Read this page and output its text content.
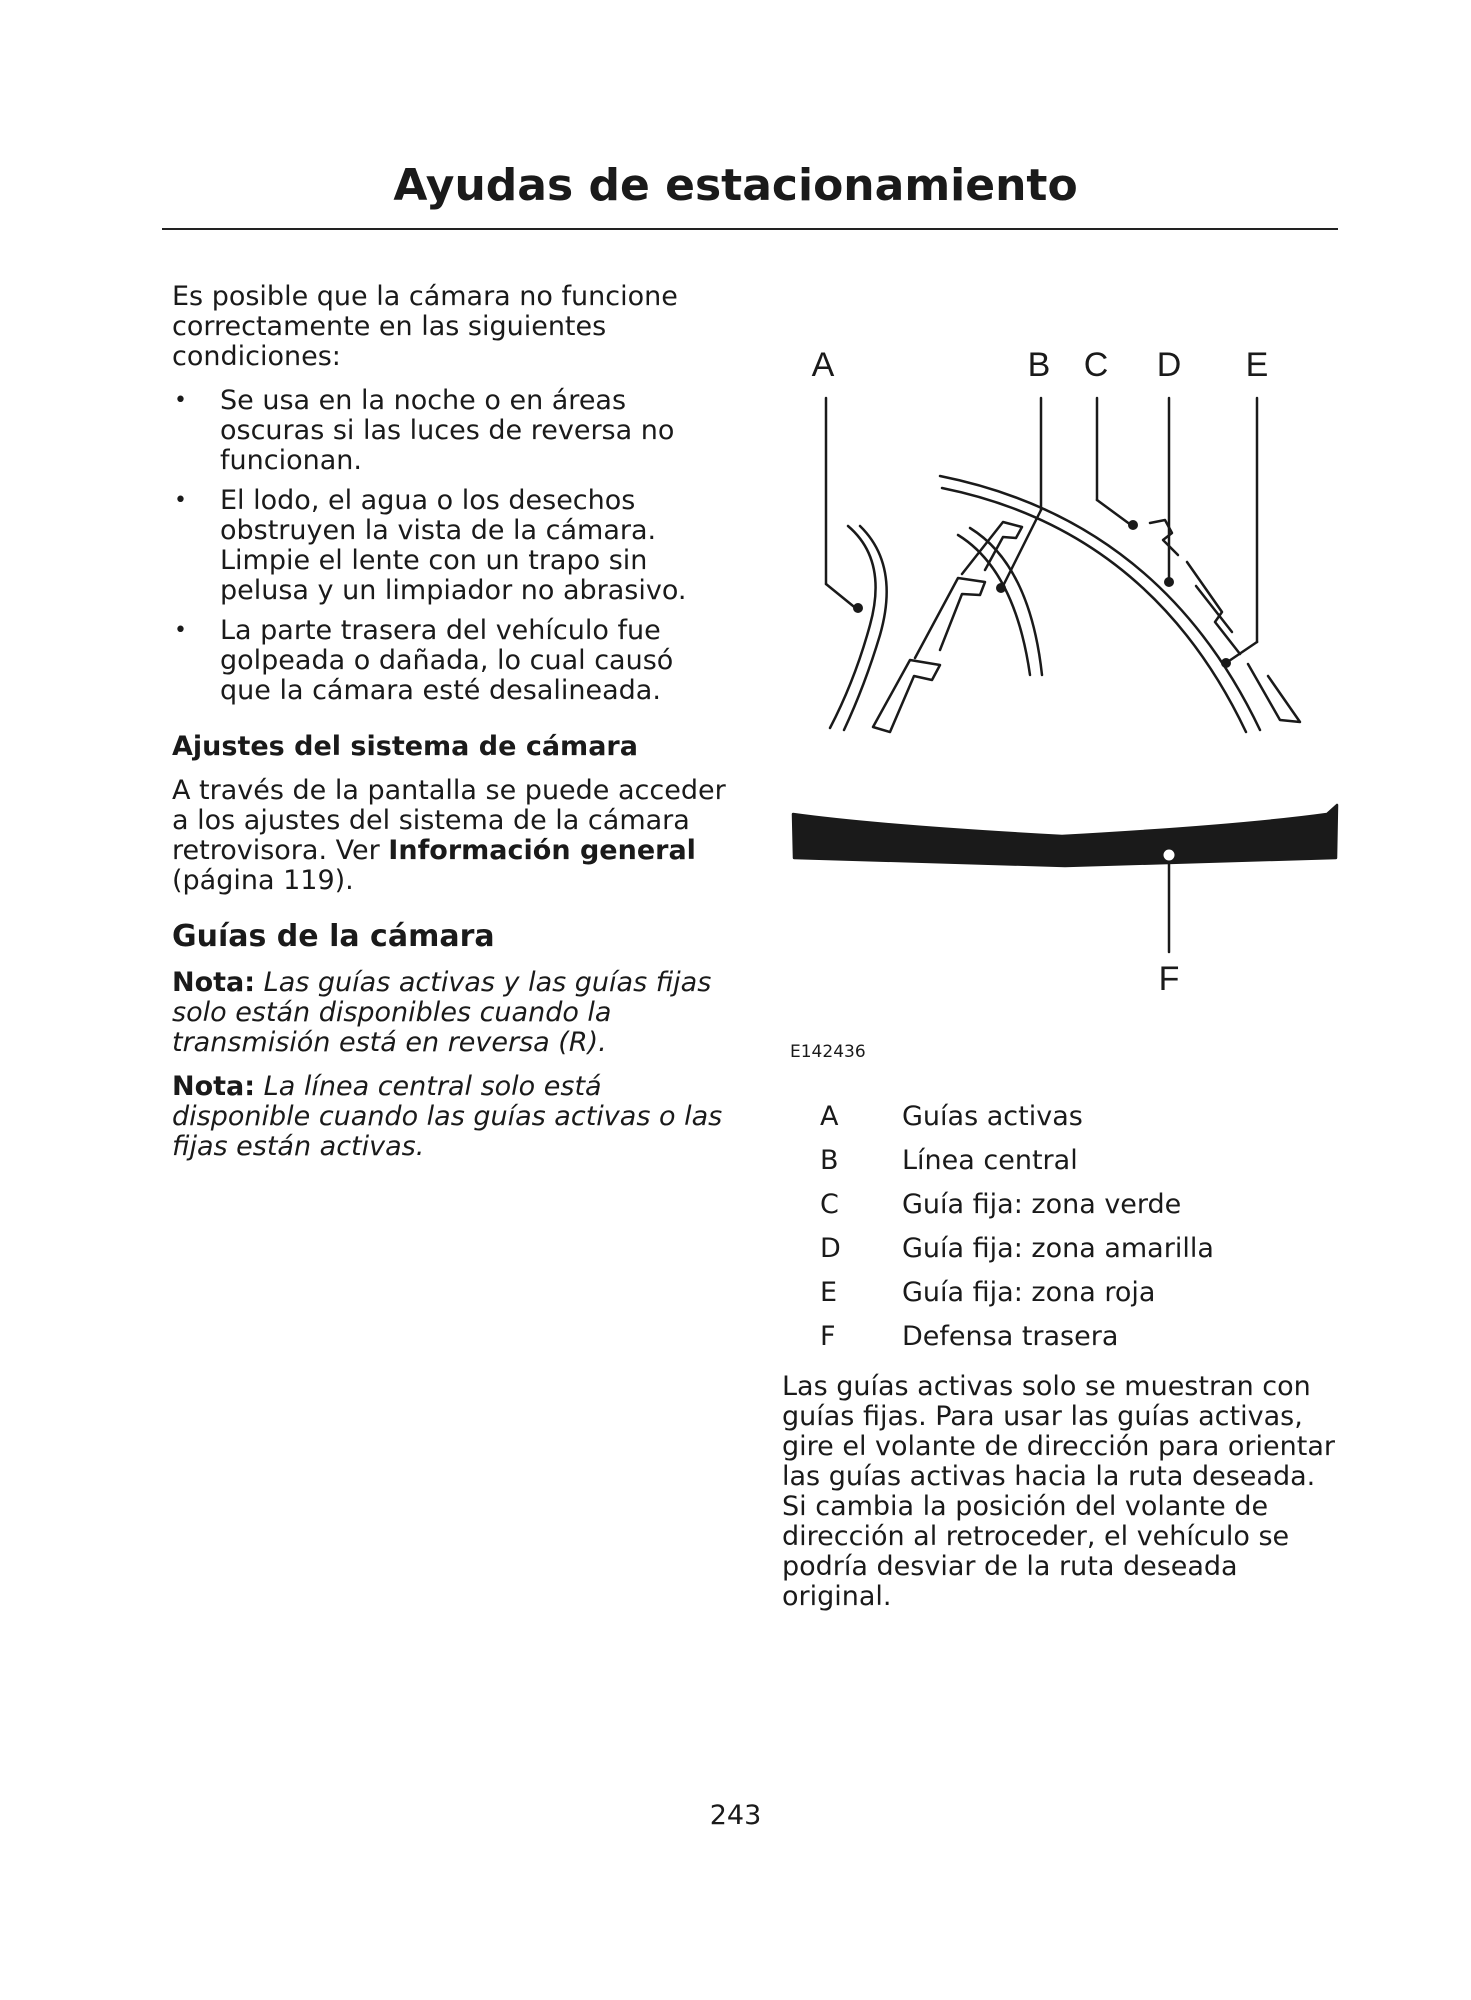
Ayudas de estacionamiento

Es posible que la cámara no funcione correctamente en las siguientes condiciones:

• Se usa en la noche o en áreas oscuras si las luces de reversa no funcionan.
• El lodo, el agua o los desechos obstruyen la vista de la cámara. Limpie el lente con un trapo sin pelusa y un limpiador no abrasivo.
• La parte trasera del vehículo fue golpeada o dañada, lo cual causó que la cámara esté desalineada.
Ajustes del sistema de cámara

A través de la pantalla se puede acceder a los ajustes del sistema de la cámara retrovisora. Ver Información general (página 119).

Guías de la cámara

Nota: Las guías activas y las guías fijas solo están disponibles cuando la transmisión está en reversa (R).

Nota: La línea central solo está disponible cuando las guías activas o las fijas están activas.

A	B C D E
F
E142436
A	Guías activas
B	Línea central
C	Guía fija: zona verde
D	Guía fija: zona amarilla
E	Guía fija: zona roja
F	Defensa trasera

Las guías activas solo se muestran con guías fijas. Para usar las guías activas, gire el volante de dirección para orientar las guías activas hacia la ruta deseada. Si cambia la posición del volante de dirección al retroceder, el vehículo se podría desviar de la ruta deseada original.

243
